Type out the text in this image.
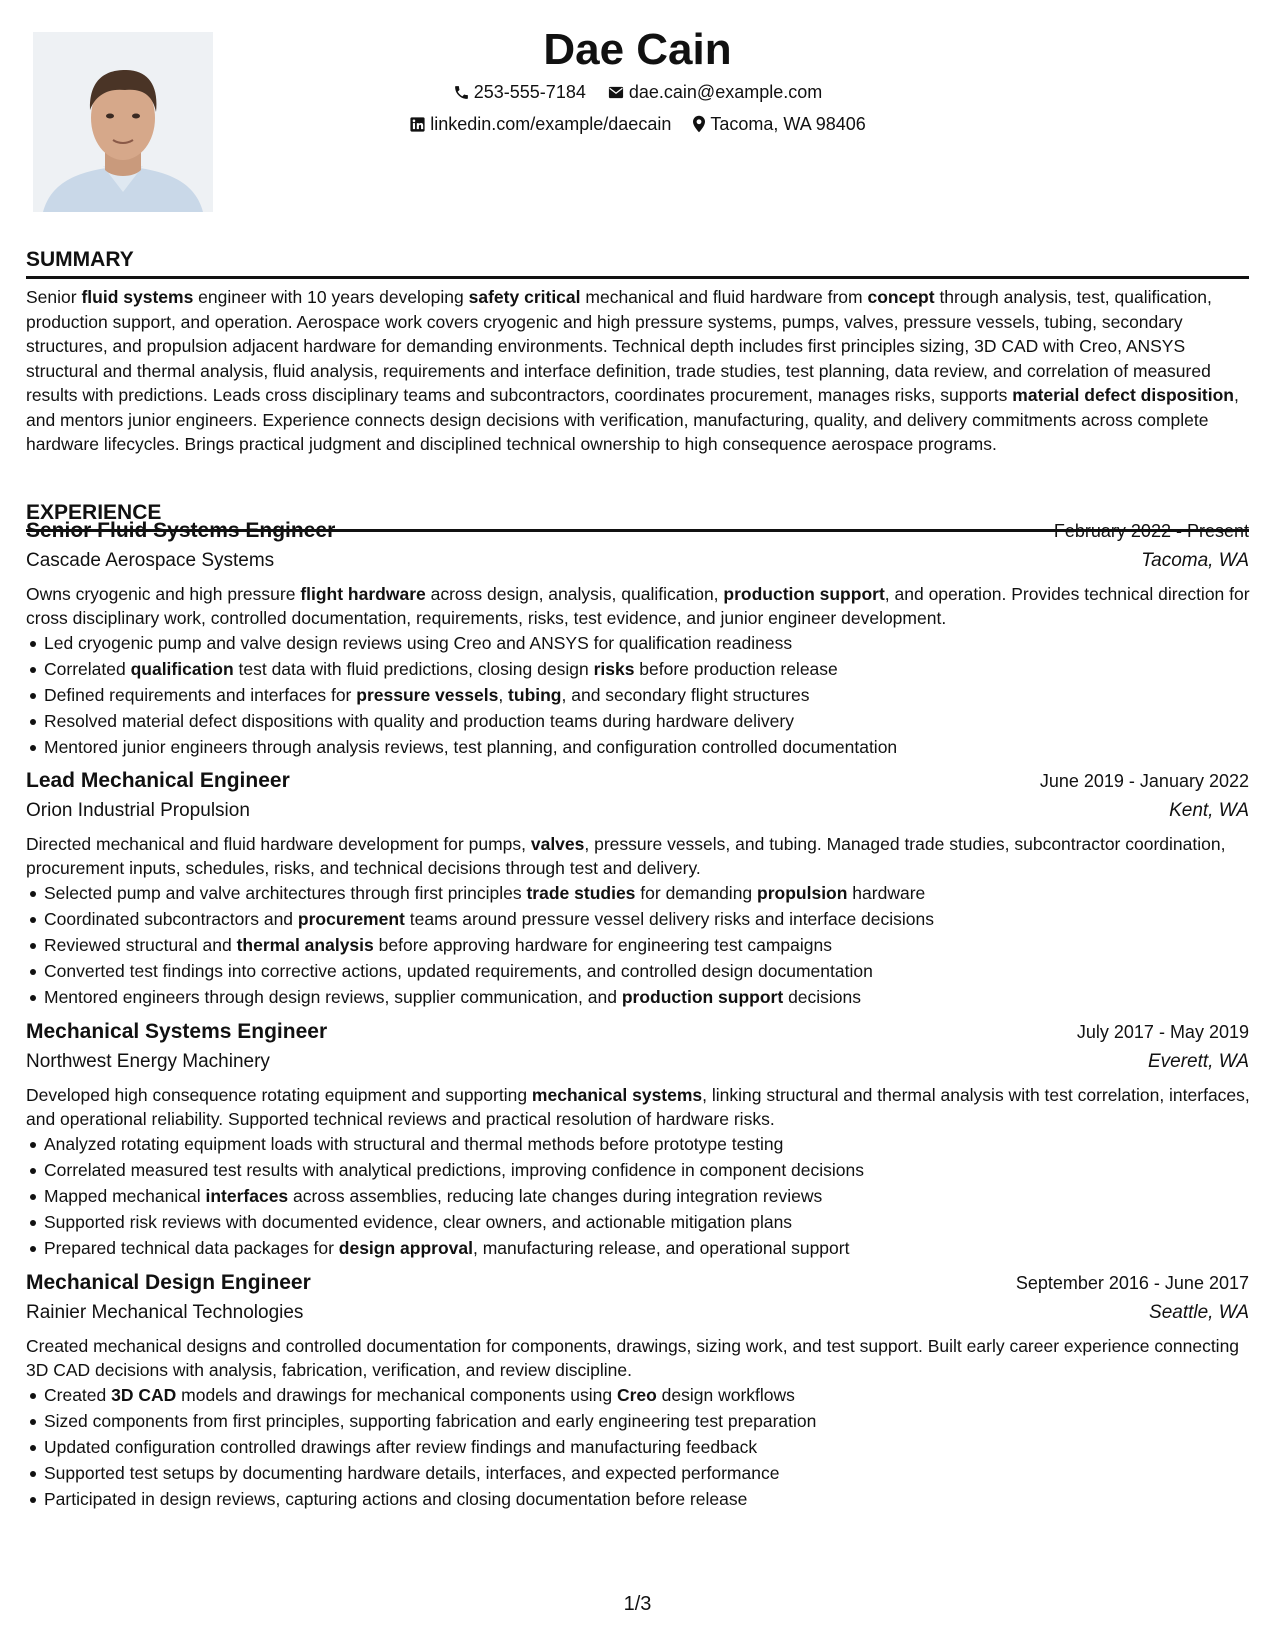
Dae Cain
253-555-7184 dae.cain@example.com
linkedin.com/example/daecain Tacoma, WA 98406
SUMMARY
Senior fluid systems engineer with 10 years developing safety critical mechanical and fluid hardware from concept through analysis, test, qualification, production support, and operation. Aerospace work covers cryogenic and high pressure systems, pumps, valves, pressure vessels, tubing, secondary structures, and propulsion adjacent hardware for demanding environments. Technical depth includes first principles sizing, 3D CAD with Creo, ANSYS structural and thermal analysis, fluid analysis, requirements and interface definition, trade studies, test planning, data review, and correlation of measured results with predictions. Leads cross disciplinary teams and subcontractors, coordinates procurement, manages risks, supports material defect disposition, and mentors junior engineers. Experience connects design decisions with verification, manufacturing, quality, and delivery commitments across complete hardware lifecycles. Brings practical judgment and disciplined technical ownership to high consequence aerospace programs.
EXPERIENCE
Senior Fluid Systems Engineer	February 2022 - Present
Cascade Aerospace Systems	Tacoma, WA
Owns cryogenic and high pressure flight hardware across design, analysis, qualification, production support, and operation. Provides technical direction for cross disciplinary work, controlled documentation, requirements, risks, test evidence, and junior engineer development.
Led cryogenic pump and valve design reviews using Creo and ANSYS for qualification readiness
Correlated qualification test data with fluid predictions, closing design risks before production release
Defined requirements and interfaces for pressure vessels, tubing, and secondary flight structures
Resolved material defect dispositions with quality and production teams during hardware delivery
Mentored junior engineers through analysis reviews, test planning, and configuration controlled documentation
Lead Mechanical Engineer	June 2019 - January 2022
Orion Industrial Propulsion	Kent, WA
Directed mechanical and fluid hardware development for pumps, valves, pressure vessels, and tubing. Managed trade studies, subcontractor coordination, procurement inputs, schedules, risks, and technical decisions through test and delivery.
Selected pump and valve architectures through first principles trade studies for demanding propulsion hardware
Coordinated subcontractors and procurement teams around pressure vessel delivery risks and interface decisions
Reviewed structural and thermal analysis before approving hardware for engineering test campaigns
Converted test findings into corrective actions, updated requirements, and controlled design documentation
Mentored engineers through design reviews, supplier communication, and production support decisions
Mechanical Systems Engineer	July 2017 - May 2019
Northwest Energy Machinery	Everett, WA
Developed high consequence rotating equipment and supporting mechanical systems, linking structural and thermal analysis with test correlation, interfaces, and operational reliability. Supported technical reviews and practical resolution of hardware risks.
Analyzed rotating equipment loads with structural and thermal methods before prototype testing
Correlated measured test results with analytical predictions, improving confidence in component decisions
Mapped mechanical interfaces across assemblies, reducing late changes during integration reviews
Supported risk reviews with documented evidence, clear owners, and actionable mitigation plans
Prepared technical data packages for design approval, manufacturing release, and operational support
Mechanical Design Engineer	September 2016 - June 2017
Rainier Mechanical Technologies	Seattle, WA
Created mechanical designs and controlled documentation for components, drawings, sizing work, and test support. Built early career experience connecting 3D CAD decisions with analysis, fabrication, verification, and review discipline.
Created 3D CAD models and drawings for mechanical components using Creo design workflows
Sized components from first principles, supporting fabrication and early engineering test preparation
Updated configuration controlled drawings after review findings and manufacturing feedback
Supported test setups by documenting hardware details, interfaces, and expected performance
Participated in design reviews, capturing actions and closing documentation before release
1/3
